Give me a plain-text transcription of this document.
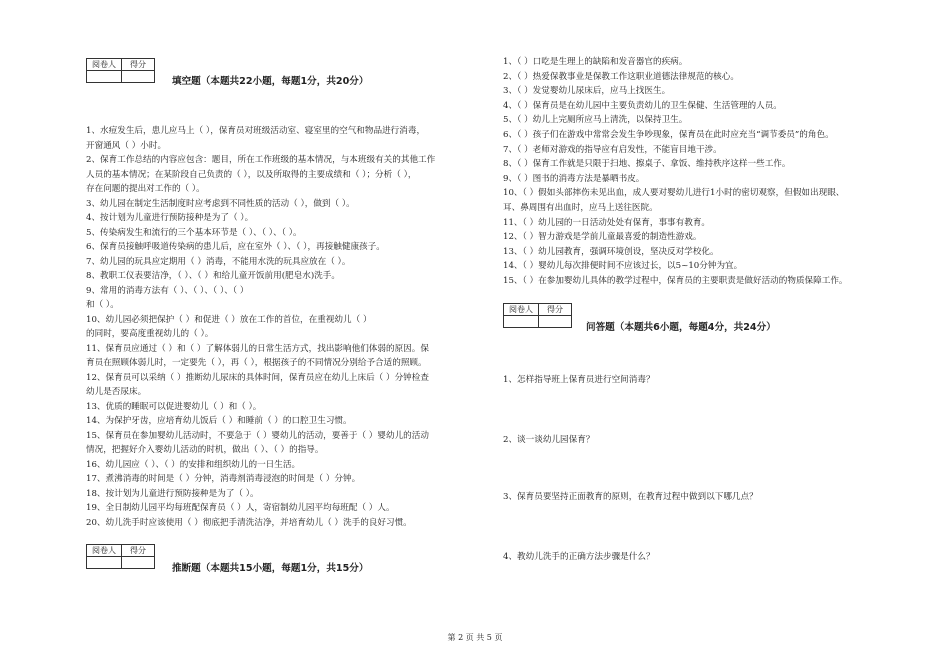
阅卷人	得分

填空题（本题共22小题，每题1分，共20分）
1、水痘发生后，患儿应马上（ ），保育员对班级活动室、寝室里的空气和物品进行消毒，
开窗通风（ ）小时。
2、保育工作总结的内容应包含：题目，所在工作班级的基本情况，与本班级有关的其他工作
人员的基本情况；在某阶段自己负责的（ ），以及所取得的主要成绩和（ ）；分析（ ），
存在问题的提出对工作的（ ）。
3、幼儿园在制定生活制度时应考虑到不同性质的活动（ ），做到（ ）。
4、按计划为儿童进行预防接种是为了（ ）。
5、传染病发生和流行的三个基本环节是（ ）、（ ）、（ ）。
6、保育员接触呼吸道传染病的患儿后，应在室外（ ）、（ ），再接触健康孩子。
7、幼儿园的玩具应定期用（ ）消毒，不能用水洗的玩具应放在（ ）。
8、教职工仪表要洁净，（ ）、（ ）和给儿童开饭前用(肥皂水)洗手。
9、常用的消毒方法有（ ）、（ ）、（ ）、（ ）
和（ ）。
10、幼儿园必须把保护（ ）和促进（ ）放在工作的首位，在重视幼儿（ ）
的同时，要高度重视幼儿的（ ）。
11、保育员应通过（ ）和（ ）了解体弱儿的日常生活方式，找出影响他们体弱的原因。保
育员在照顾体弱儿时，一定要先（ ），再（ ），根据孩子的不同情况分别给予合适的照顾。
12、保育员可以采纳（ ）推断幼儿尿床的具体时间，保育员应在幼儿上床后（ ）分钟检查
幼儿是否尿床。
13、优质的睡眠可以促进婴幼儿（ ）和（ ）。
14、为保护牙齿，应培育幼儿饭后（ ）和睡前（ ）的口腔卫生习惯。
15、保育员在参加婴幼儿活动时，不要急于（ ）婴幼儿的活动，要善于（ ）婴幼儿的活动
情况，把握好介入婴幼儿活动的时机，做出（ ）、（ ）的指导。
16、幼儿园应（ ）、（ ）的安排和组织幼儿的一日生活。
17、煮沸消毒的时间是（ ）分钟，消毒剂消毒浸泡的时间是（ ）分钟。
18、按计划为儿童进行预防接种是为了（ ）。
19、全日制幼儿园平均每班配保育员（ ）人，寄宿制幼儿园平均每班配（ ）人。
20、幼儿洗手时应该使用（ ）彻底把手清洗洁净，并培育幼儿（ ）洗手的良好习惯。
阅卷人	得分

推断题（本题共15小题，每题1分，共15分）
1、（ ）口吃是生理上的缺陷和发音器官的疾病。
2、（ ）热爱保教事业是保教工作这职业道德法律规范的核心。
3、（ ）发觉婴幼儿尿床后，应马上找医生。
4、（ ）保育员是在幼儿园中主要负责幼儿的卫生保健、生活管理的人员。
5、（ ）幼儿上完厕所应马上清洗，以保持卫生。
6、（ ）孩子们在游戏中常常会发生争吵现象，保育员在此时应充当“调节委员”的角色。
7、（ ）老师对游戏的指导应有启发性，不能盲目地干涉。
8、（ ）保育工作就是只限于扫地、擦桌子、拿饭、维持秩序这样一些工作。
9、（ ）图书的消毒方法是暴晒书皮。
10、（ ）假如头部摔伤未见出血，成人要对婴幼儿进行1小时的密切观察，但假如出现眼、
耳、鼻周围有出血时，应马上送往医院。
11、（ ）幼儿园的一日活动处处有保育，事事有教育。
12、（ ）智力游戏是学前儿童最喜爱的制造性游戏。
13、（ ）幼儿园教育，强调环境创设，坚决反对学校化。
14、（ ）婴幼儿每次排便时间不应该过长，以5~10分钟为宜。
15、（ ）在参加婴幼儿具体的教学过程中，保育员的主要职责是做好活动的物质保障工作。
阅卷人	得分

问答题（本题共6小题，每题4分，共24分）
1、怎样指导班上保育员进行空间消毒？
2、谈一谈幼儿园保育？
3、保育员要坚持正面教育的原则，在教育过程中做到以下哪几点？
4、教幼儿洗手的正确方法步骤是什么？
第 2 页 共 5 页
